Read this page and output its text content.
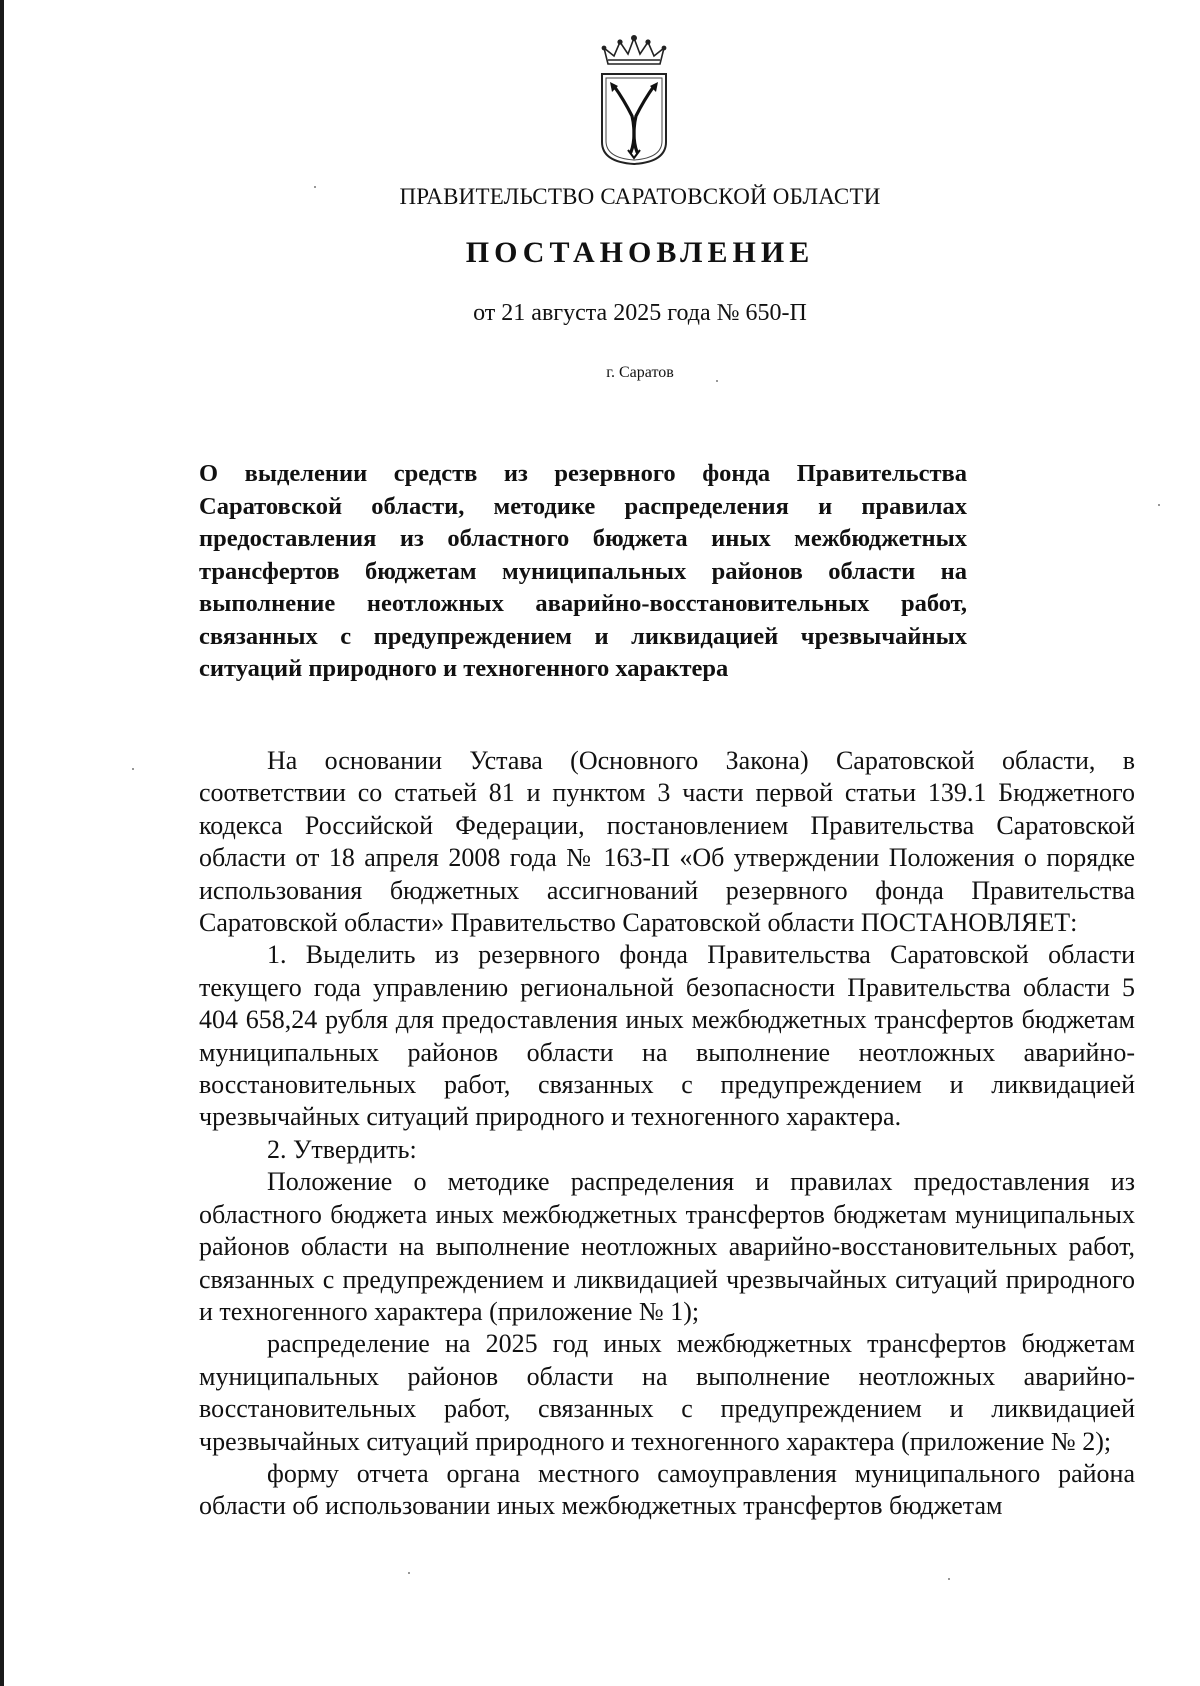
ПРАВИТЕЛЬСТВО САРАТОВСКОЙ ОБЛАСТИ
ПОСТАНОВЛЕНИЕ
от 21 августа 2025 года № 650-П
г. Саратов
О выделении средств из резервного фонда Правительства Саратовской области, методике распределения и правилах предоставления из областного бюджета иных межбюджетных трансфертов бюджетам муниципальных районов области на выполнение неотложных аварийно-восстановительных работ, связанных с предупреждением и ликвидацией чрезвычайных ситуаций природного и техногенного характера

На основании Устава (Основного Закона) Саратовской области, в соответствии со статьей 81 и пунктом 3 части первой статьи 139.1 Бюджетного кодекса Российской Федерации, постановлением Правительства Саратовской области от 18 апреля 2008 года № 163-П «Об утверждении Положения о порядке использования бюджетных ассигнований резервного фонда Правительства Саратовской области» Правительство Саратовской области ПОСТАНОВЛЯЕТ:

1. Выделить из резервного фонда Правительства Саратовской области текущего года управлению региональной безопасности Правительства области 5 404 658,24 рубля для предоставления иных межбюджетных трансфертов бюджетам муниципальных районов области на выполнение неотложных аварийно-восстановительных работ, связанных с предупреждением и ликвидацией чрезвычайных ситуаций природного и техногенного характера.

2. Утвердить:

Положение о методике распределения и правилах предоставления из областного бюджета иных межбюджетных трансфертов бюджетам муниципальных районов области на выполнение неотложных аварийно-восстановительных работ, связанных с предупреждением и ликвидацией чрезвычайных ситуаций природного и техногенного характера (приложение № 1);

распределение на 2025 год иных межбюджетных трансфертов бюджетам муниципальных районов области на выполнение неотложных аварийно-восстановительных работ, связанных с предупреждением и ликвидацией чрезвычайных ситуаций природного и техногенного характера (приложение № 2);

форму отчета органа местного самоуправления муниципального района области об использовании иных межбюджетных трансфертов бюджетам
